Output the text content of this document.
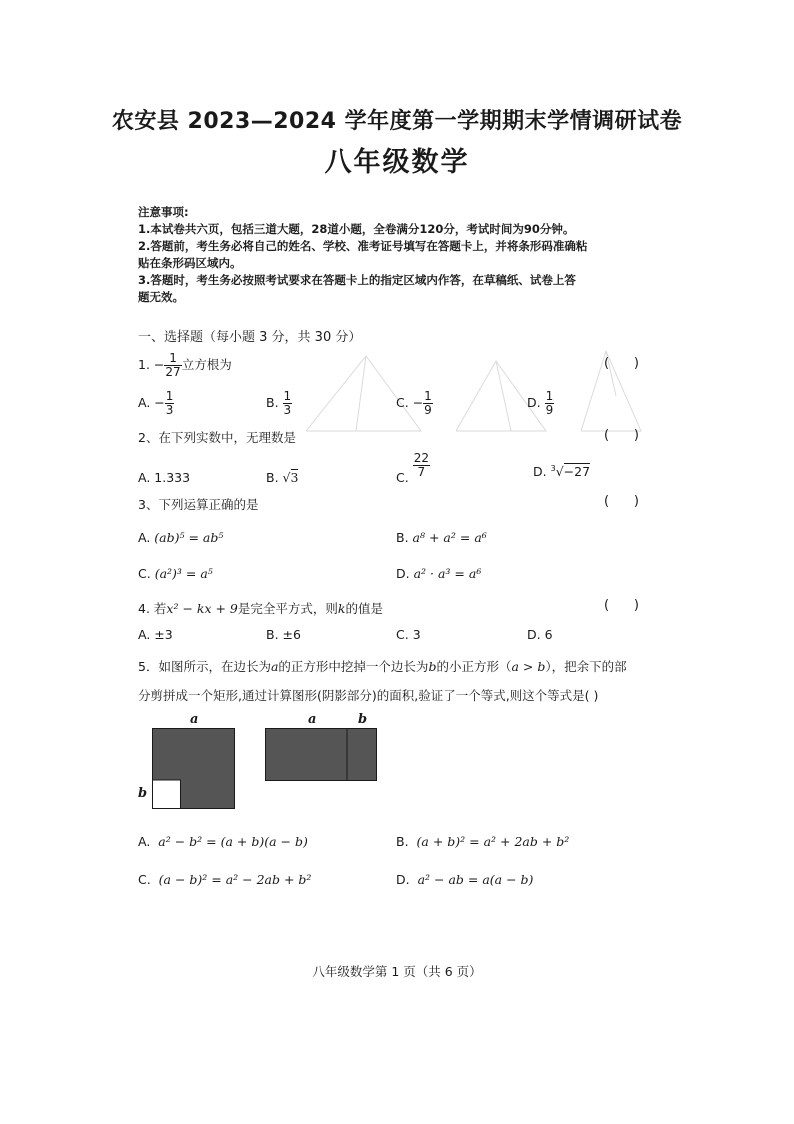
农安县 2023—2024 学年度第一学期期末学情调研试卷
八年级数学
注意事项:
1.本试卷共六页，包括三道大题，28道小题，全卷满分120分，考试时间为90分钟。
2.答题前，考生务必将自己的姓名、学校、准考证号填写在答题卡上，并将条形码准确粘
贴在条形码区域内。
3.答题时，考生务必按照考试要求在答题卡上的指定区域内作答，在草稿纸、试卷上答
题无效。
一、选择题（每小题 3 分，共 30 分）
1. − $\frac{1}{27}$ 立方根为	(      )
A. − $\frac{1}{3}$	B. $\frac{1}{3}$	C. − $\frac{1}{9}$	D. $\frac{1}{9}$
2、在下列实数中，无理数是	(      )
A. 1.333	B. √3	C. $\frac{22}{7}$	D. $^3$√−27
3、下列运算正确的是	(      )
A. (ab)⁵ = ab⁵	B. a⁸ + a² = a⁶
C. (a²)³ = a⁵	D. a² · a³ = a⁶
4. 若x² − kx + 9是完全平方式，则k的值是	(      )
A. ±3	B. ±6	C. 3	D. 6
5．如图所示，在边长为a的正方形中挖掉一个边长为b的小正方形（a > b），把余下的部
分剪拼成一个矩形,通过计算图形(阴影部分)的面积,验证了一个等式,则这个等式是( )
a
b
a	b
A. a² − b² = (a + b)(a − b)	B. (a + b)² = a² + 2ab + b²
C. (a − b)² = a² − 2ab + b²	D. a² − ab = a(a − b)
八年级数学第 1 页（共 6 页）
